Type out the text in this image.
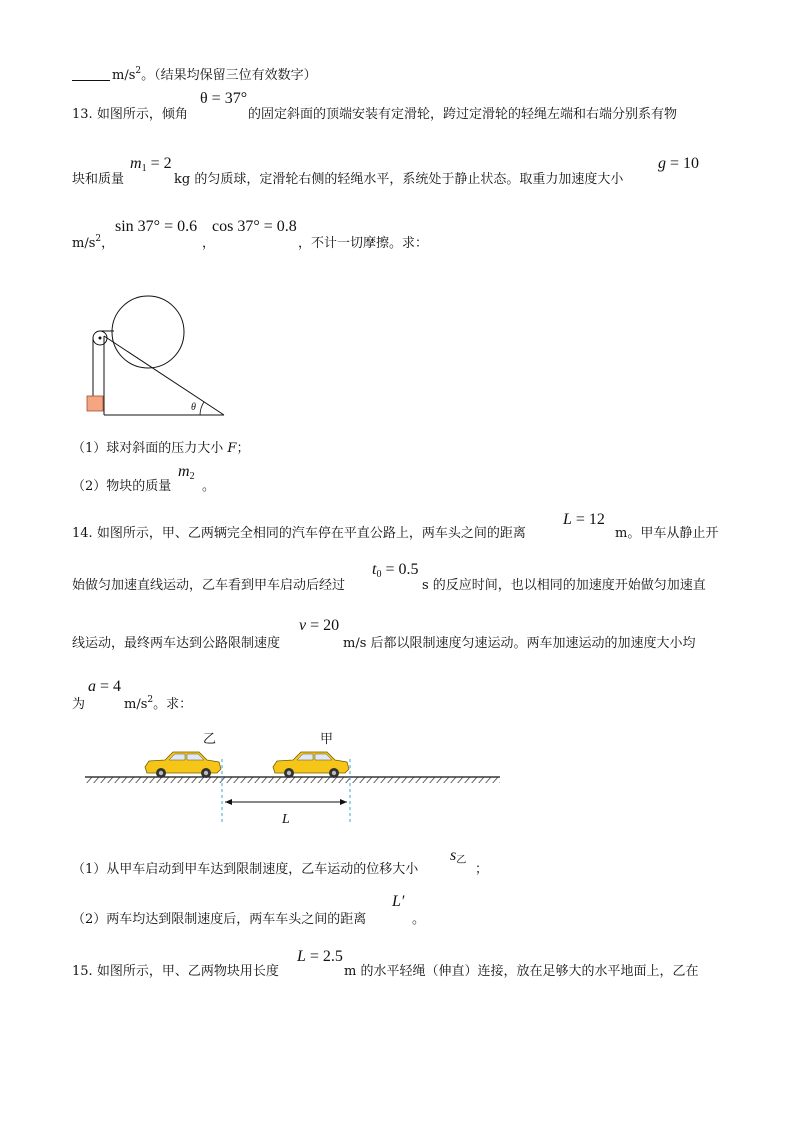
$m/s^2$。（结果均保留三位有效数字）
13. 如图所示，倾角
θ = 37°
的固定斜面的顶端安装有定滑轮，跨过定滑轮的轻绳左端和右端分别系有物
块和质量
$m_1 = 2$
kg 的匀质球，定滑轮右侧的轻绳水平，系统处于静止状态。取重力加速度大小
g = 10
$m/s^2$，
sin 37° = 0.6
，
cos 37° = 0.8
，不计一切摩擦。求：
θ
（1）球对斜面的压力大小 F；
（2）物块的质量
$m_2$
。
14. 如图所示，甲、乙两辆完全相同的汽车停在平直公路上，两车头之间的距离
L = 12
m。甲车从静止开
始做匀加速直线运动，乙车看到甲车启动后经过
$t_0 = 0.5$
s 的反应时间，也以相同的加速度开始做匀加速直
线运动，最终两车达到公路限制速度
v = 20
m/s 后都以限制速度匀速运动。两车加速运动的加速度大小均
为
a = 4
$m/s^2$。求：
乙	甲
L
（1）从甲车启动到甲车达到限制速度，乙车运动的位移大小
$s_乙$
；
（2）两车均达到限制速度后，两车车头之间的距离
L′
。
15. 如图所示，甲、乙两物块用长度
L = 2.5
m 的水平轻绳（伸直）连接，放在足够大的水平地面上，乙在
